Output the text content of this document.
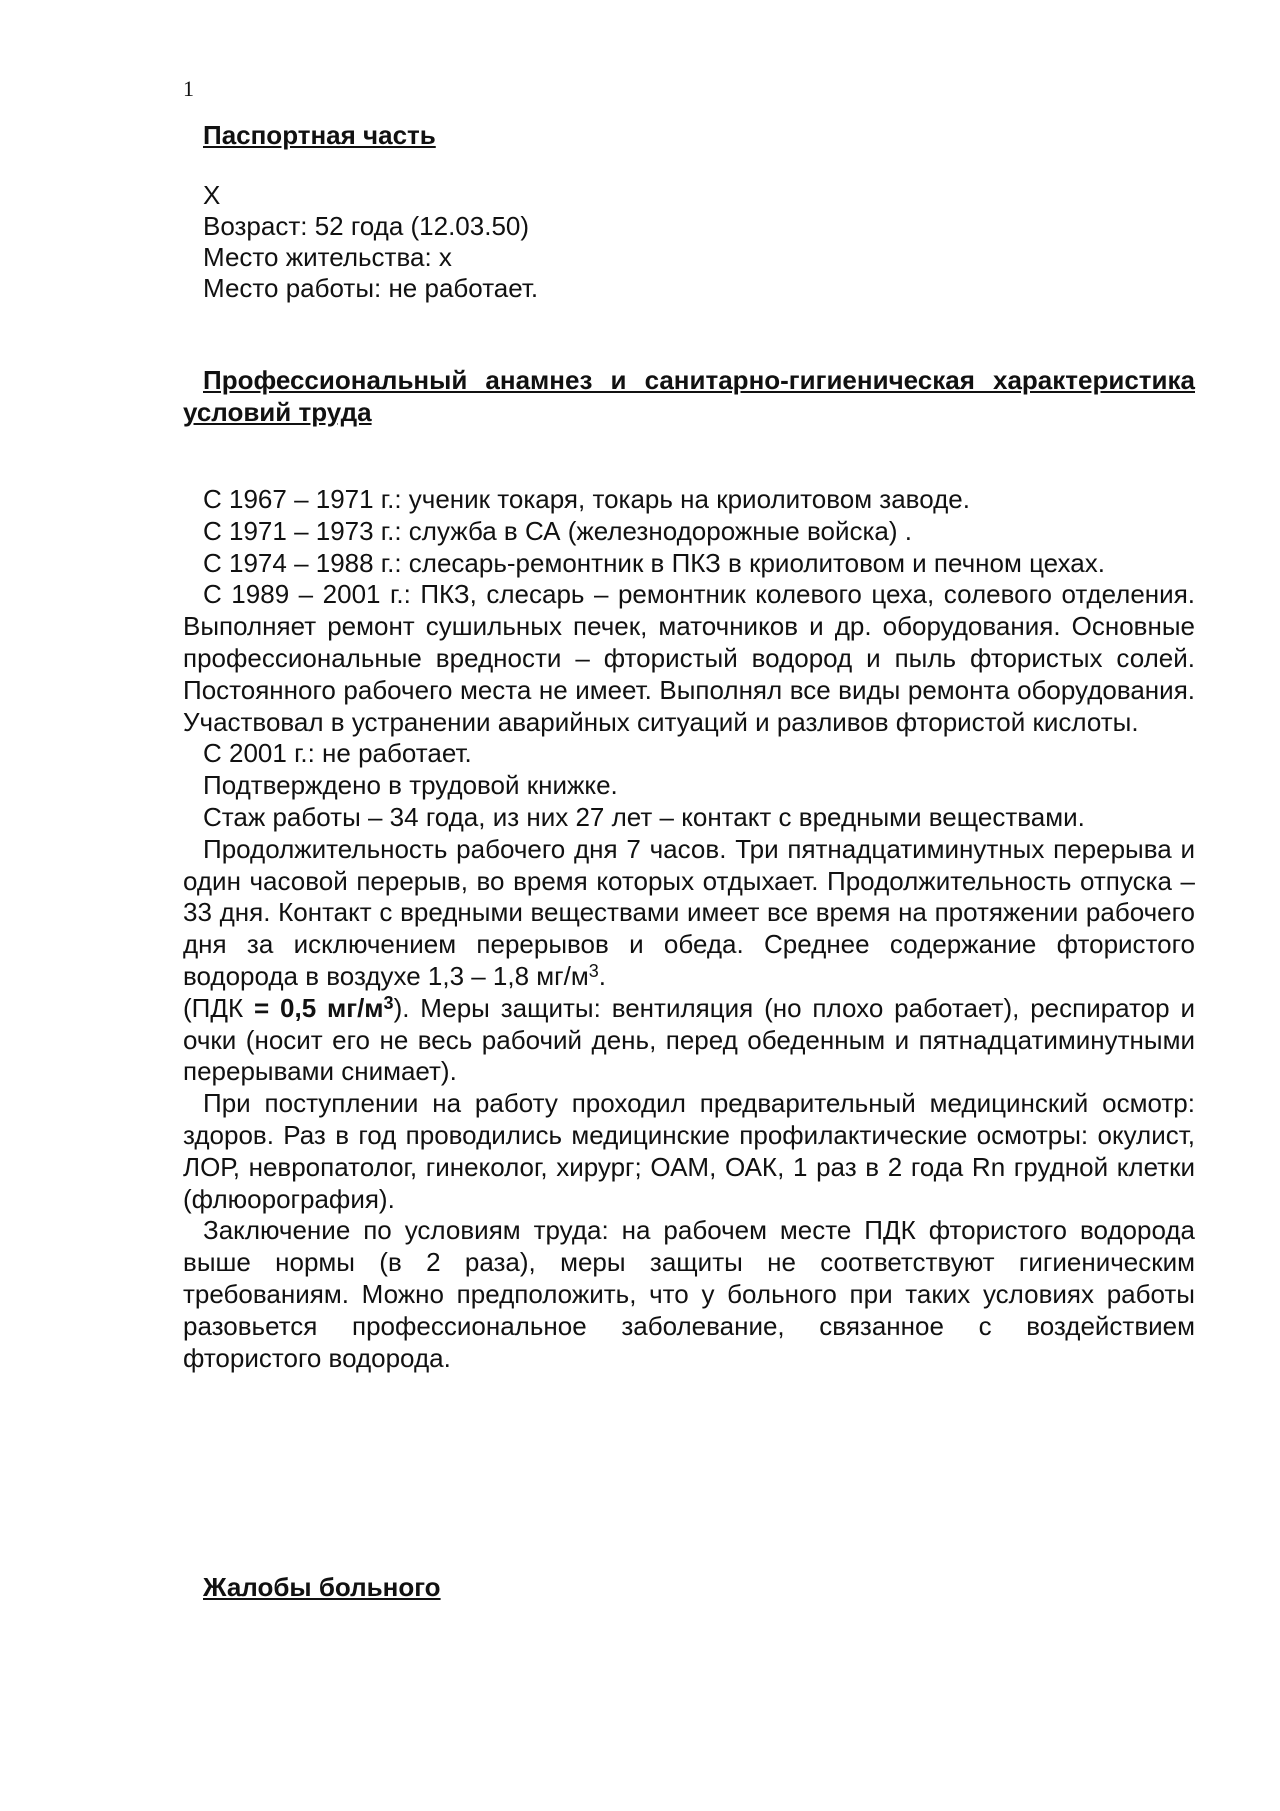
1

Паспортная часть

Х

Возраст: 52 года (12.03.50)

Место жительства: х

Место работы: не работает.

Профессиональный анамнез и санитарно-гигиеническая характеристика условий труда

С 1967 – 1971 г.: ученик токаря, токарь на криолитовом заводе.

С 1971 – 1973 г.: служба в СА (железнодорожные войска) .

С 1974 – 1988 г.: слесарь-ремонтник в ПКЗ в криолитовом и печном цехах.

С 1989 – 2001 г.: ПКЗ, слесарь – ремонтник колевого цеха, солевого отделения. Выполняет ремонт сушильных печек, маточников и др. оборудования. Основные профессиональные вредности – фтористый водород и пыль фтористых солей. Постоянного рабочего места не имеет. Выполнял все виды ремонта оборудования. Участвовал в устранении аварийных ситуаций и разливов фтористой кислоты.

С 2001 г.: не работает.

Подтверждено в трудовой книжке.

Стаж работы – 34 года, из них 27 лет – контакт с вредными веществами.

Продолжительность рабочего дня 7 часов. Три пятнадцатиминутных перерыва и один часовой перерыв, во время которых отдыхает. Продолжительность отпуска – 33 дня. Контакт с вредными веществами имеет все время на протяжении рабочего дня за исключением перерывов и обеда. Среднее содержание фтористого водорода в воздухе 1,3 – 1,8 $мг/м^3$.
(ПДК = 0,5 $мг/м^3$). Меры защиты: вентиляция (но плохо работает), респиратор и очки (носит его не весь рабочий день, перед обеденным и пятнадцатиминутными перерывами снимает).

При поступлении на работу проходил предварительный медицинский осмотр: здоров. Раз в год проводились медицинские профилактические осмотры: окулист, ЛОР, невропатолог, гинеколог, хирург; ОАМ, ОАК, 1 раз в 2 года Rn грудной клетки (флюорография).

Заключение по условиям труда: на рабочем месте ПДК фтористого водорода выше нормы (в 2 раза), меры защиты не соответствуют гигиеническим требованиям. Можно предположить, что у больного при таких условиях работы разовьется профессиональное заболевание, связанное с воздействием фтористого водорода.

Жалобы больного
